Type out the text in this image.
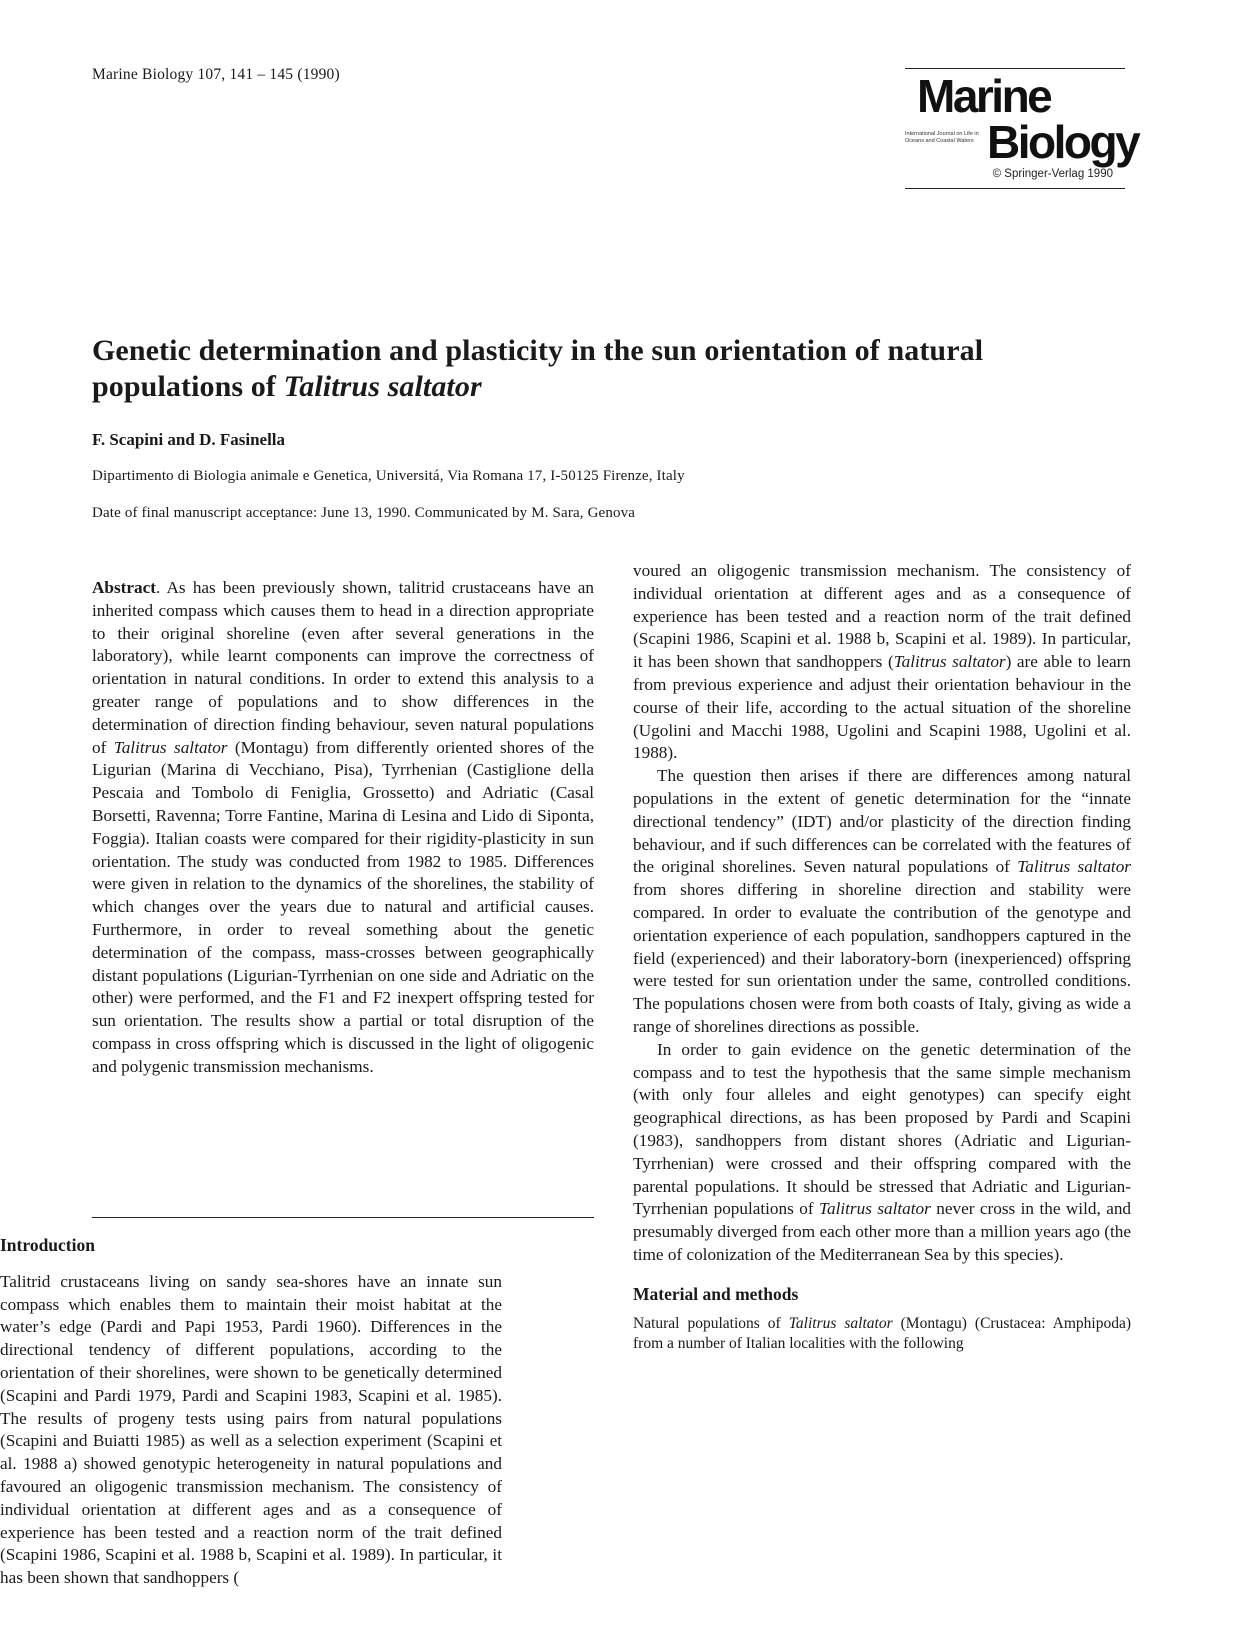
Marine Biology 107, 141 – 145 (1990)	Marine
International Journal on Life in Oceans and Coastal Waters Biology
© Springer-Verlag 1990
Genetic determination and plasticity in the sun orientation of natural populations of Talitrus saltator
F. Scapini and D. Fasinella
Dipartimento di Biologia animale e Genetica, Universitá, Via Romana 17, I-50125 Firenze, Italy
Date of final manuscript acceptance: June 13, 1990. Communicated by M. Sara, Genova

Abstract. As has been previously shown, talitrid crustaceans have an inherited compass which causes them to head in a direction appropriate to their original shoreline (even after several generations in the laboratory), while learnt components can improve the correctness of orientation in natural conditions. In order to extend this analysis to a greater range of populations and to show differences in the determination of direction finding behaviour, seven natural populations of Talitrus saltator (Montagu) from differently oriented shores of the Ligurian (Marina di Vecchiano, Pisa), Tyrrhenian (Castiglione della Pescaia and Tombolo di Feniglia, Grossetto) and Adriatic (Casal Borsetti, Ravenna; Torre Fantine, Marina di Lesina and Lido di Siponta, Foggia). Italian coasts were compared for their rigidity-plasticity in sun orientation. The study was conducted from 1982 to 1985. Differences were given in relation to the dynamics of the shorelines, the stability of which changes over the years due to natural and artificial causes. Furthermore, in order to reveal something about the genetic determination of the compass, mass-crosses between geographically distant populations (Ligurian-Tyrrhenian on one side and Adriatic on the other) were performed, and the F1 and F2 inexpert offspring tested for sun orientation. The results show a partial or total disruption of the compass in cross offspring which is discussed in the light of oligogenic and polygenic transmission mechanisms.

Introduction

Talitrid crustaceans living on sandy sea-shores have an innate sun compass which enables them to maintain their moist habitat at the water’s edge (Pardi and Papi 1953, Pardi 1960). Differences in the directional tendency of different populations, according to the orientation of their shorelines, were shown to be genetically determined (Scapini and Pardi 1979, Pardi and Scapini 1983, Scapini et al. 1985). The results of progeny tests using pairs from natural populations (Scapini and Buiatti 1985) as well as a selection experiment (Scapini et al. 1988 a) showed genotypic heterogeneity in natural populations and favoured an oligogenic transmission mechanism. The consistency of individual orientation at different ages and as a consequence of experience has been tested and a reaction norm of the trait defined (Scapini 1986, Scapini et al. 1988 b, Scapini et al. 1989). In particular, it has been shown that sandhoppers (

voured an oligogenic transmission mechanism. The consistency of individual orientation at different ages and as a consequence of experience has been tested and a reaction norm of the trait defined (Scapini 1986, Scapini et al. 1988 b, Scapini et al. 1989). In particular, it has been shown that sandhoppers (Talitrus saltator) are able to learn from previous experience and adjust their orientation behaviour in the course of their life, according to the actual situation of the shoreline (Ugolini and Macchi 1988, Ugolini and Scapini 1988, Ugolini et al. 1988).

The question then arises if there are differences among natural populations in the extent of genetic determination for the “innate directional tendency” (IDT) and/or plasticity of the direction finding behaviour, and if such differences can be correlated with the features of the original shorelines. Seven natural populations of Talitrus saltator from shores differing in shoreline direction and stability were compared. In order to evaluate the contribution of the genotype and orientation experience of each population, sandhoppers captured in the field (experienced) and their laboratory-born (inexperienced) offspring were tested for sun orientation under the same, controlled conditions. The populations chosen were from both coasts of Italy, giving as wide a range of shorelines directions as possible.

In order to gain evidence on the genetic determination of the compass and to test the hypothesis that the same simple mechanism (with only four alleles and eight genotypes) can specify eight geographical directions, as has been proposed by Pardi and Scapini (1983), sandhoppers from distant shores (Adriatic and Ligurian-Tyrrhenian) were crossed and their offspring compared with the parental populations. It should be stressed that Adriatic and Ligurian-Tyrrhenian populations of Talitrus saltator never cross in the wild, and presumably diverged from each other more than a million years ago (the time of colonization of the Mediterranean Sea by this species).

Material and methods

Natural populations of Talitrus saltator (Montagu) (Crustacea: Amphipoda) from a number of Italian localities with the following
